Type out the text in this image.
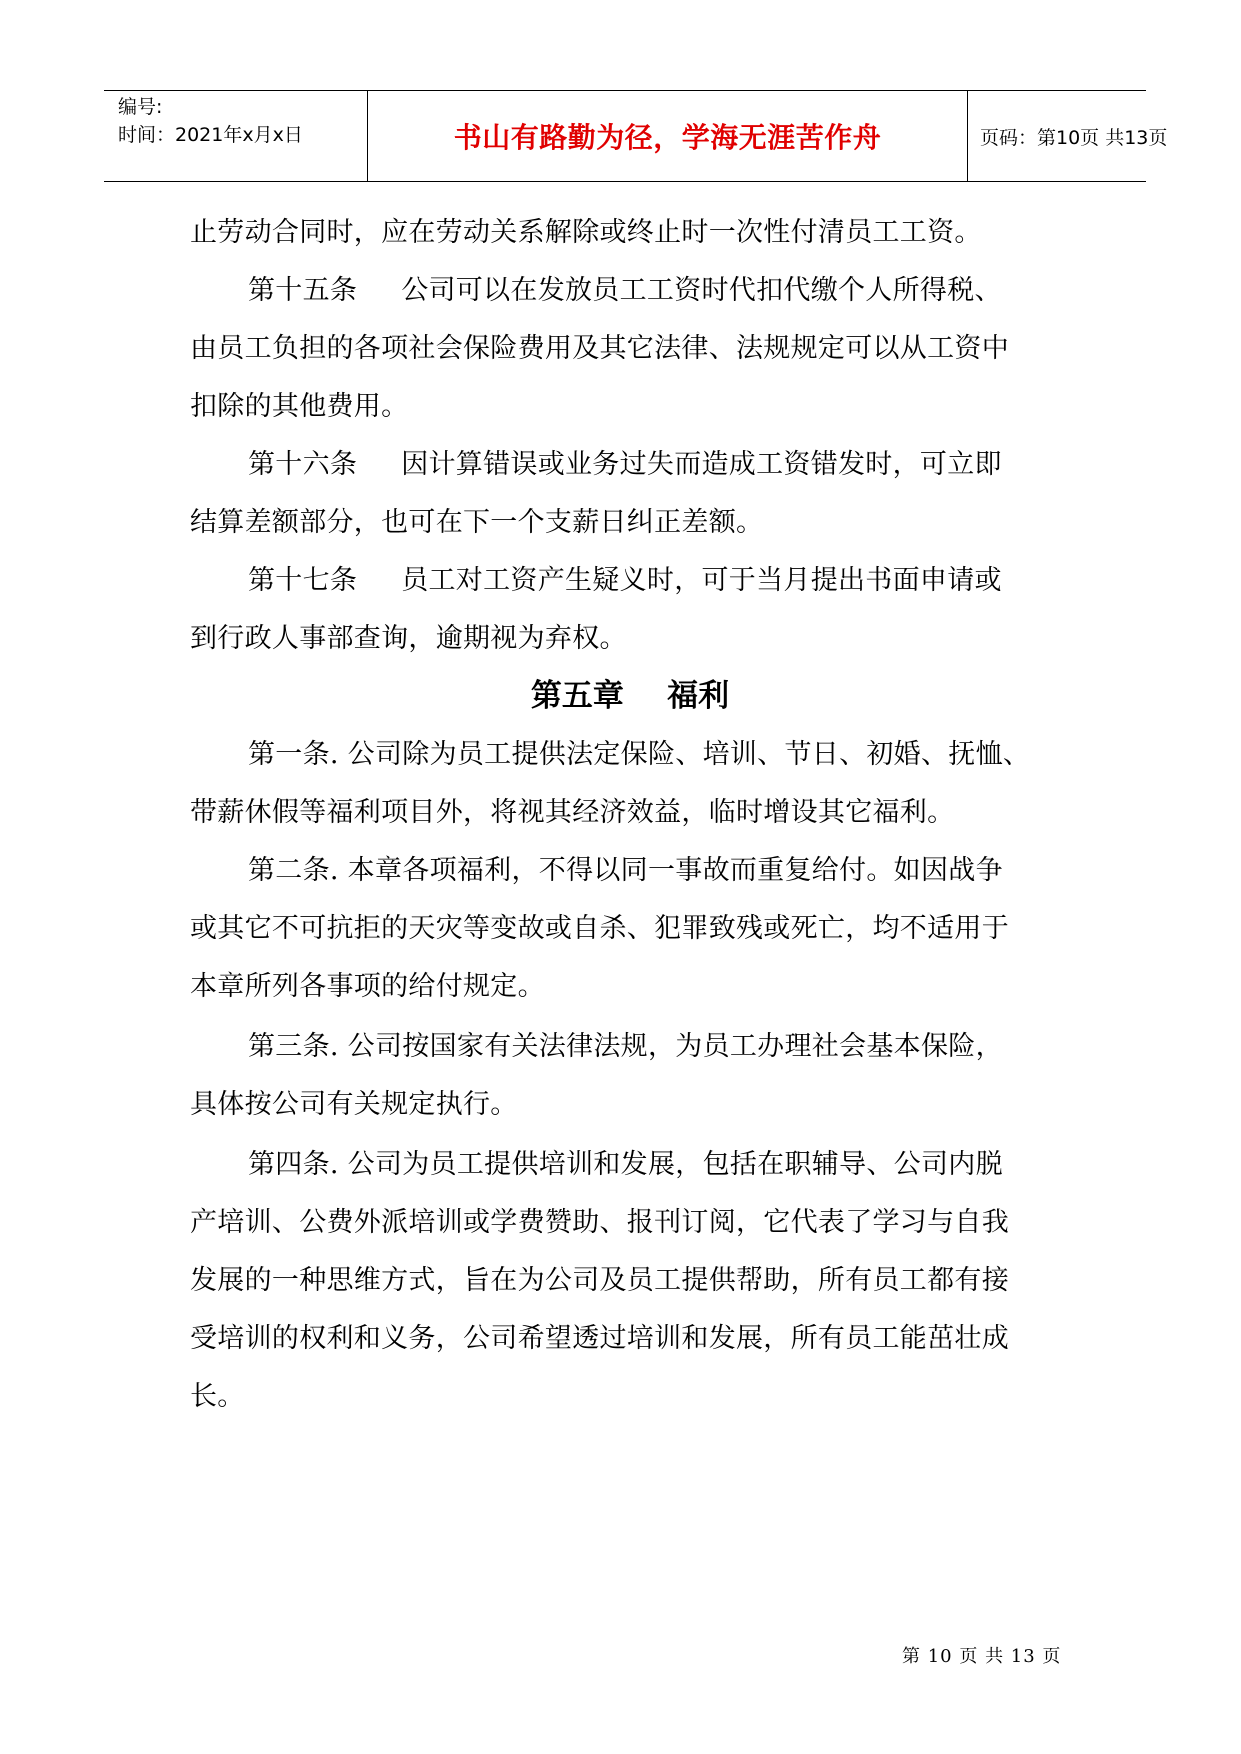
编号:
时间：2021年x月x日	书山有路勤为径，学海无涯苦作舟	页码：第10页 共13页
止劳动合同时，应在劳动关系解除或终止时一次性付清员工工资。
第十五条 公司可以在发放员工工资时代扣代缴个人所得税、
由员工负担的各项社会保险费用及其它法律、法规规定可以从工资中
扣除的其他费用。
第十六条 因计算错误或业务过失而造成工资错发时，可立即
结算差额部分，也可在下一个支薪日纠正差额。
第十七条 员工对工资产生疑义时，可于当月提出书面申请或
到行政人事部查询，逾期视为弃权。
第五章    福利
第一条. 公司除为员工提供法定保险、培训、节日、初婚、抚恤、
带薪休假等福利项目外，将视其经济效益，临时增设其它福利。
第二条. 本章各项福利，不得以同一事故而重复给付。如因战争
或其它不可抗拒的天灾等变故或自杀、犯罪致残或死亡，均不适用于
本章所列各事项的给付规定。
第三条. 公司按国家有关法律法规，为员工办理社会基本保险，
具体按公司有关规定执行。
第四条. 公司为员工提供培训和发展，包括在职辅导、公司内脱
产培训、公费外派培训或学费赞助、报刊订阅，它代表了学习与自我
发展的一种思维方式，旨在为公司及员工提供帮助，所有员工都有接
受培训的权利和义务，公司希望透过培训和发展，所有员工能茁壮成
长。
第 10 页 共 13 页
